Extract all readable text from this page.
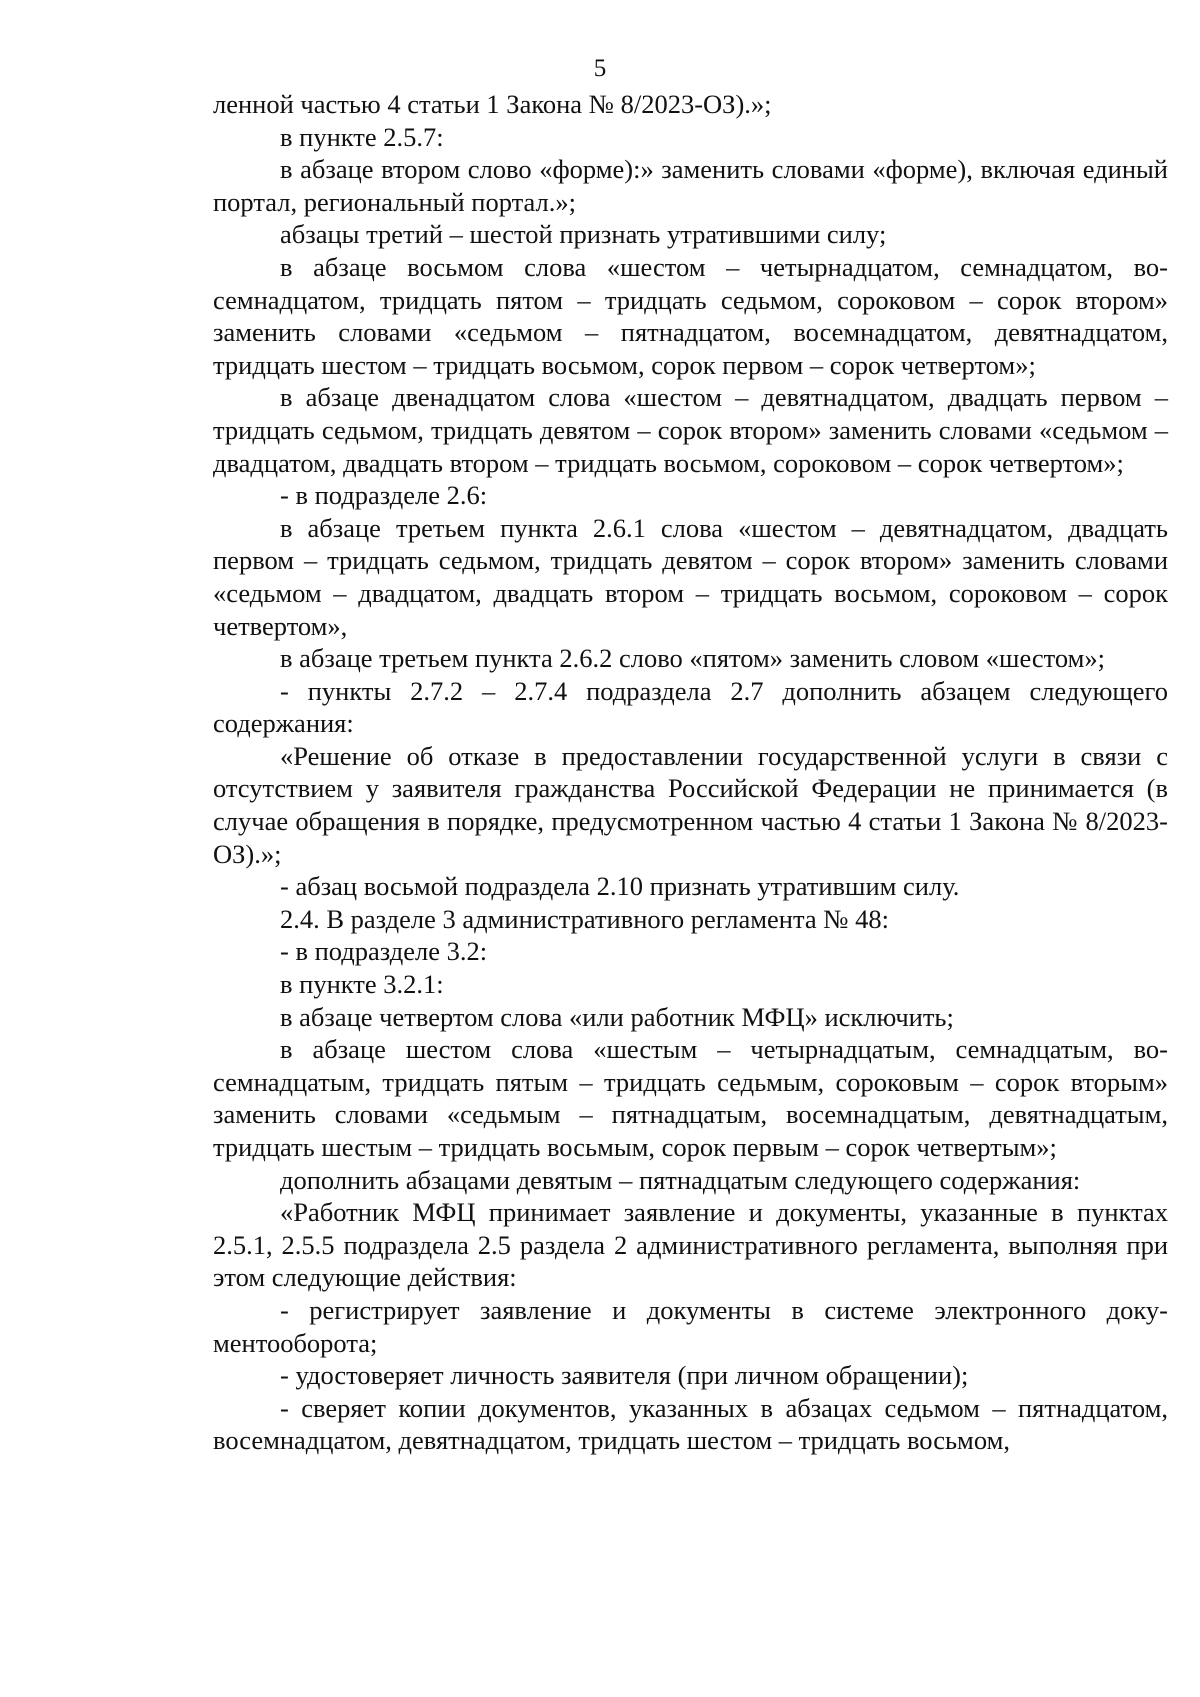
5

ленной частью 4 статьи 1 Закона № 8/2023-ОЗ).»;

в пункте 2.5.7:

в абзаце втором слово «форме):» заменить словами «форме), включая единый портал, региональный портал.»;

абзацы третий – шестой признать утратившими силу;

в абзаце восьмом слова «шестом – четырнадцатом, семнадцатом, восемнадцатом, тридцать пятом – тридцать седьмом, сороковом – сорок втором» заменить словами «седьмом – пятнадцатом, восемнадцатом, девятнадцатом, тридцать шестом – тридцать восьмом, сорок первом – сорок четвертом»;

в абзаце двенадцатом слова «шестом – девятнадцатом, двадцать первом – тридцать седьмом, тридцать девятом – сорок втором» заменить словами «седьмом – двадцатом, двадцать втором – тридцать восьмом, сороковом – сорок четвертом»;

- в подразделе 2.6:

в абзаце третьем пункта 2.6.1 слова «шестом – девятнадцатом, двадцать первом – тридцать седьмом, тридцать девятом – сорок втором» заменить словами «седьмом – двадцатом, двадцать втором – тридцать восьмом, сороковом – сорок четвертом»,

в абзаце третьем пункта 2.6.2 слово «пятом» заменить словом «шестом»;

- пункты 2.7.2 – 2.7.4 подраздела 2.7 дополнить абзацем следующего содержания:

«Решение об отказе в предоставлении государственной услуги в связи с отсутствием у заявителя гражданства Российской Федерации не принимается (в случае обращения в порядке, предусмотренном частью 4 статьи 1 Закона № 8/2023-ОЗ).»;

- абзац восьмой подраздела 2.10 признать утратившим силу.

2.4. В разделе 3 административного регламента № 48:

- в подразделе 3.2:

в пункте 3.2.1:

в абзаце четвертом слова «или работник МФЦ» исключить;

в абзаце шестом слова «шестым – четырнадцатым, семнадцатым, восемнадцатым, тридцать пятым – тридцать седьмым, сороковым – сорок вторым» заменить словами «седьмым – пятнадцатым, восемнадцатым, девятнадцатым, тридцать шестым – тридцать восьмым, сорок первым – сорок четвертым»;

дополнить абзацами девятым – пятнадцатым следующего содержания:

«Работник МФЦ принимает заявление и документы, указанные в пунктах 2.5.1, 2.5.5 подраздела 2.5 раздела 2 административного регламента, выполняя при этом следующие действия:

- регистрирует заявление и документы в системе электронного документооборота;

- удостоверяет личность заявителя (при личном обращении);

- сверяет копии документов, указанных в абзацах седьмом – пятнадцатом, восемнадцатом, девятнадцатом, тридцать шестом – тридцать восьмом,
